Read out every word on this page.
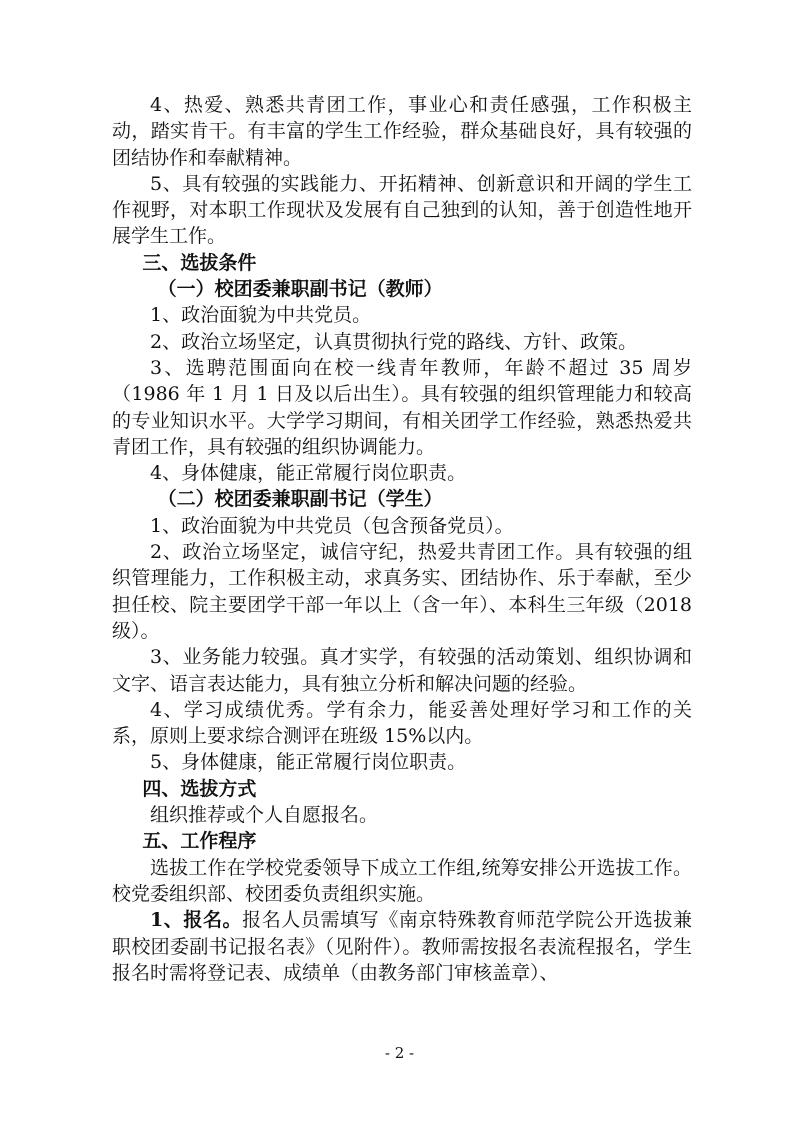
4、热爱、熟悉共青团工作，事业心和责任感强，工作积极主动，踏实肯干。有丰富的学生工作经验，群众基础良好，具有较强的团结协作和奉献精神。

5、具有较强的实践能力、开拓精神、创新意识和开阔的学生工作视野，对本职工作现状及发展有自己独到的认知，善于创造性地开展学生工作。

三、选拔条件

（一）校团委兼职副书记（教师）

1、政治面貌为中共党员。

2、政治立场坚定，认真贯彻执行党的路线、方针、政策。

3、选聘范围面向在校一线青年教师，年龄不超过 35 周岁（1986 年 1 月 1 日及以后出生）。具有较强的组织管理能力和较高的专业知识水平。大学学习期间，有相关团学工作经验，熟悉热爱共青团工作，具有较强的组织协调能力。

4、身体健康，能正常履行岗位职责。

（二）校团委兼职副书记（学生）

1、政治面貌为中共党员（包含预备党员）。

2、政治立场坚定，诚信守纪，热爱共青团工作。具有较强的组织管理能力，工作积极主动，求真务实、团结协作、乐于奉献，至少担任校、院主要团学干部一年以上（含一年）、本科生三年级（2018 级）。

3、业务能力较强。真才实学，有较强的活动策划、组织协调和文字、语言表达能力，具有独立分析和解决问题的经验。

4、学习成绩优秀。学有余力，能妥善处理好学习和工作的关系，原则上要求综合测评在班级 15%以内。

5、身体健康，能正常履行岗位职责。

四、选拔方式

组织推荐或个人自愿报名。

五、工作程序

选拔工作在学校党委领导下成立工作组,统筹安排公开选拔工作。校党委组织部、校团委负责组织实施。

1、报名。报名人员需填写《南京特殊教育师范学院公开选拔兼职校团委副书记报名表》（见附件）。教师需按报名表流程报名，学生报名时需将登记表、成绩单（由教务部门审核盖章）、

- 2 -
